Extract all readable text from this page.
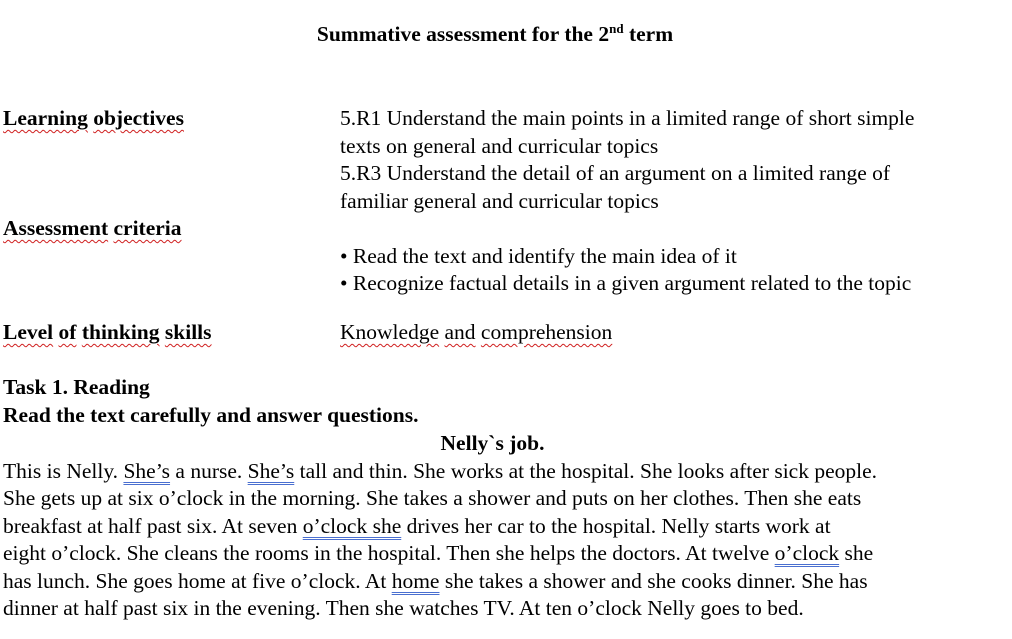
Summative assessment for the 2nd term
Learning objectives	5.R1 Understand the main points in a limited range of short simple
texts on general and curricular topics
5.R3 Understand the detail of an argument on a limited range of
familiar general and curricular topics
Assessment criteria
• Read the text and identify the main idea of it
• Recognize factual details in a given argument related to the topic
Level of thinking skills	Knowledge and comprehension
Task 1. Reading
Read the text carefully and answer questions.
Nelly`s job.
This is Nelly. She’s a nurse. She’s tall and thin. She works at the hospital. She looks after sick people.
She gets up at six o’clock in the morning. She takes a shower and puts on her clothes. Then she eats
breakfast at half past six. At seven o’clock she drives her car to the hospital. Nelly starts work at
eight o’clock. She cleans the rooms in the hospital. Then she helps the doctors. At twelve o’clock she
has lunch. She goes home at five o’clock. At home she takes a shower and she cooks dinner. She has
dinner at half past six in the evening. Then she watches TV. At ten o’clock Nelly goes to bed.
